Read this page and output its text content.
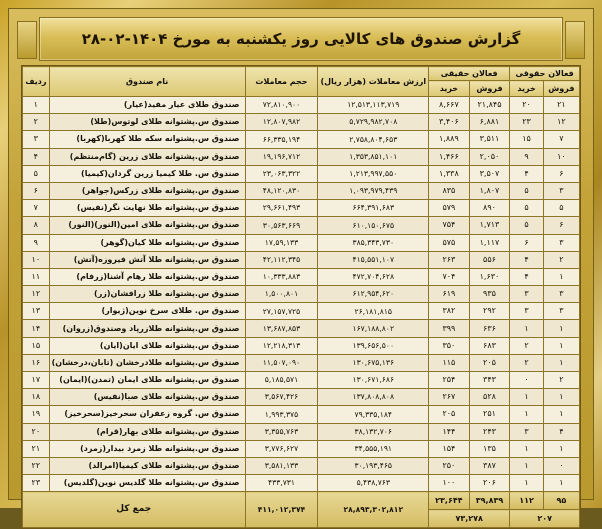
گزارش صندوق های کالایی روز یکشنبه به مورخ ۱۴۰۴-۰۲-۲۸
فعالان حقوقی		فعالان حقیقی		ارزش معاملات (هزار ریال)	حجم معاملات	نام صندوق	ردیف
فروش	خرید	فروش	خرید				
۲۱	۲۰	۲۱,۸۴۵	۸,۶۶۷	۱۲,۵۱۳,۱۱۳,۷۱۹	۷۲,۸۱۰,۹۰۰	صندوق طلای عیار مفید(عیار)	۱
۱۲	۲۳	۶,۸۸۱	۳,۴۰۶	۵,۷۲۹,۹۸۲,۷۰۸	۱۲,۸۰۷,۹۸۲	صندوق س.پشتوانه طلای لوتوس(طلا)	۲
۷	۱۵	۳,۵۱۱	۱,۸۸۹	۲,۷۵۸,۸۰۴,۶۵۳	۶۶,۳۳۵,۱۹۴	صندوق س.پشتوانه سکه طلا کهربا(کهربا)	۳
۱۰	۹	۲,۰۵۰	۱,۴۶۶	۱,۳۵۳,۸۵۱,۱۰۱	۱۹,۱۹۶,۷۱۲	صندوق س.پشتوانه طلای زرین (گام‌منتظم)	۴
۶	۴	۳,۵۰۷	۱,۳۳۸	۱,۲۱۳,۹۹۷,۵۵۰	۲۳,۰۶۳,۳۲۲	صندوق س. طلا کیمیا زرین گردان(کیمیا)	۵
۳	۵	۱,۸۰۷	۸۳۵	۱,۰۹۳,۹۷۹,۴۳۹	۴۸,۱۲۰,۸۳۰	صندوق س.پشتوانه طلای زرکس(جواهر)	۶
۵	۵	۸۹۰	۵۷۹	۶۶۴,۳۹۱,۶۸۳	۲۹,۶۶۱,۴۹۳	صندوق س.پشتوانه طلا نهایت نگر(نفیس)	۷
۶	۵	۱,۷۱۳	۷۵۴	۶۱۰,۱۵۰,۶۷۵	۳۰,۵۶۳,۶۶۹	صندوق س.پشتوانه طلای امین(النور)(النور)	۸
۳	۶	۱,۱۱۷	۵۷۵	۳۸۵,۳۴۳,۷۳۰	۱۷,۵۹,۱۳۳	صندوق س.پشتوانه طلا کیان(گوهر)	۹
۲	۴	۵۵۶	۲۶۳	۴۱۵,۵۵۱,۱۰۷	۴۲,۱۱۲,۳۴۵	صندوق س.پشتوانه طلا آتش فیروزه(آتش)	۱۰
۱	۴	۱,۶۳۰	۷۰۴	۴۷۲,۷۰۴,۶۲۸	۱۰,۳۳۳,۸۸۳	صندوق س.پشتوانه طلا رهام آشنا(زرفام)	۱۱
۳	۳	۹۳۵	۶۱۹	۶۱۲,۹۵۴,۶۲۰	۱,۵۰۰,۸۰۱	صندوق س.پشتوانه طلا زرافشان(زر)	۱۲
۳	۳	۲۹۲	۳۸۲	۲۶,۱۸۱,۸۱۵	۲۷,۱۵۷,۷۲۵	صندوق س. طلای سرخ نوین(ژیوار)	۱۳
۱	۱	۶۳۶	۳۹۹	۱۶۷,۱۸۸,۸۰۲	۱۳,۶۸۷,۸۵۳	صندوق س.پشتوانه طلازرپاد وصندوق(زروان)	۱۴
۱	۲	۶۸۳	۳۵۰	۱۳۹,۶۵۶,۵۰۰	۱۲,۲۱۸,۳۱۳	صندوق س.پشتوانه طلای ایان(ایان)	۱۵
۱	۲	۲۰۵	۱۱۵	۱۳۰,۶۷۵,۱۳۶	۱۱,۵۰۷,۰۹۰	صندوق س.پشتوانه طلادرخشان (تابان،درخشان)	۱۶
۲	۰	۳۴۳	۲۵۴	۱۳۰,۶۷۱,۶۸۶	۵,۱۸۵,۵۷۱	صندوق س.پشتوانه طلای ایمان (تمدن)(ایمان)	۱۷
۱	۱	۵۲۸	۲۶۷	۱۳۷,۸۰۸,۸۰۸	۳,۵۶۷,۴۲۶	صندوق س.پشتوانه طلای صبا(نفیس)	۱۸
۱	۱	۲۵۱	۲۰۵	۷۹,۳۳۵,۱۸۴	۱,۹۹۳,۳۷۵	صندوق س. گروه زعفران سحرخیز(سحرخیز)	۱۹
۴	۳	۲۴۳	۱۴۴	۳۸,۱۳۲,۷۰۶	۳,۳۵۵,۷۶۳	صندوق س.پشتوانه طلای بهار(قرام)	۲۰
۱	۱	۱۳۵	۱۵۴	۳۴,۵۵۵,۱۹۱	۳,۷۷۶,۶۲۷	صندوق س.پشتوانه طلا زمرد بیدار(زمرد)	۲۱
۰	۱	۳۸۷	۲۵۰	۳۰,۱۹۳,۴۶۵	۳,۵۸۱,۱۳۳	صندوق س.پشتوانه طلای کیمیا(امرالد)	۲۲
۱	۱	۲۰۶	۱۰۰	۵,۴۳۸,۷۶۳	۴۳۳,۷۳۱	صندوق س.پشتوانه طلا گلدیس نوین(گلدیس)	۲۳
۹۵	۱۱۲	۳۹,۸۳۹	۲۳,۶۴۴	۲۸,۸۹۳,۳۰۲,۸۱۲	۴۱۱,۰۱۲,۳۷۴	جمع کل	
۲۰۷		۷۳,۲۷۸					
